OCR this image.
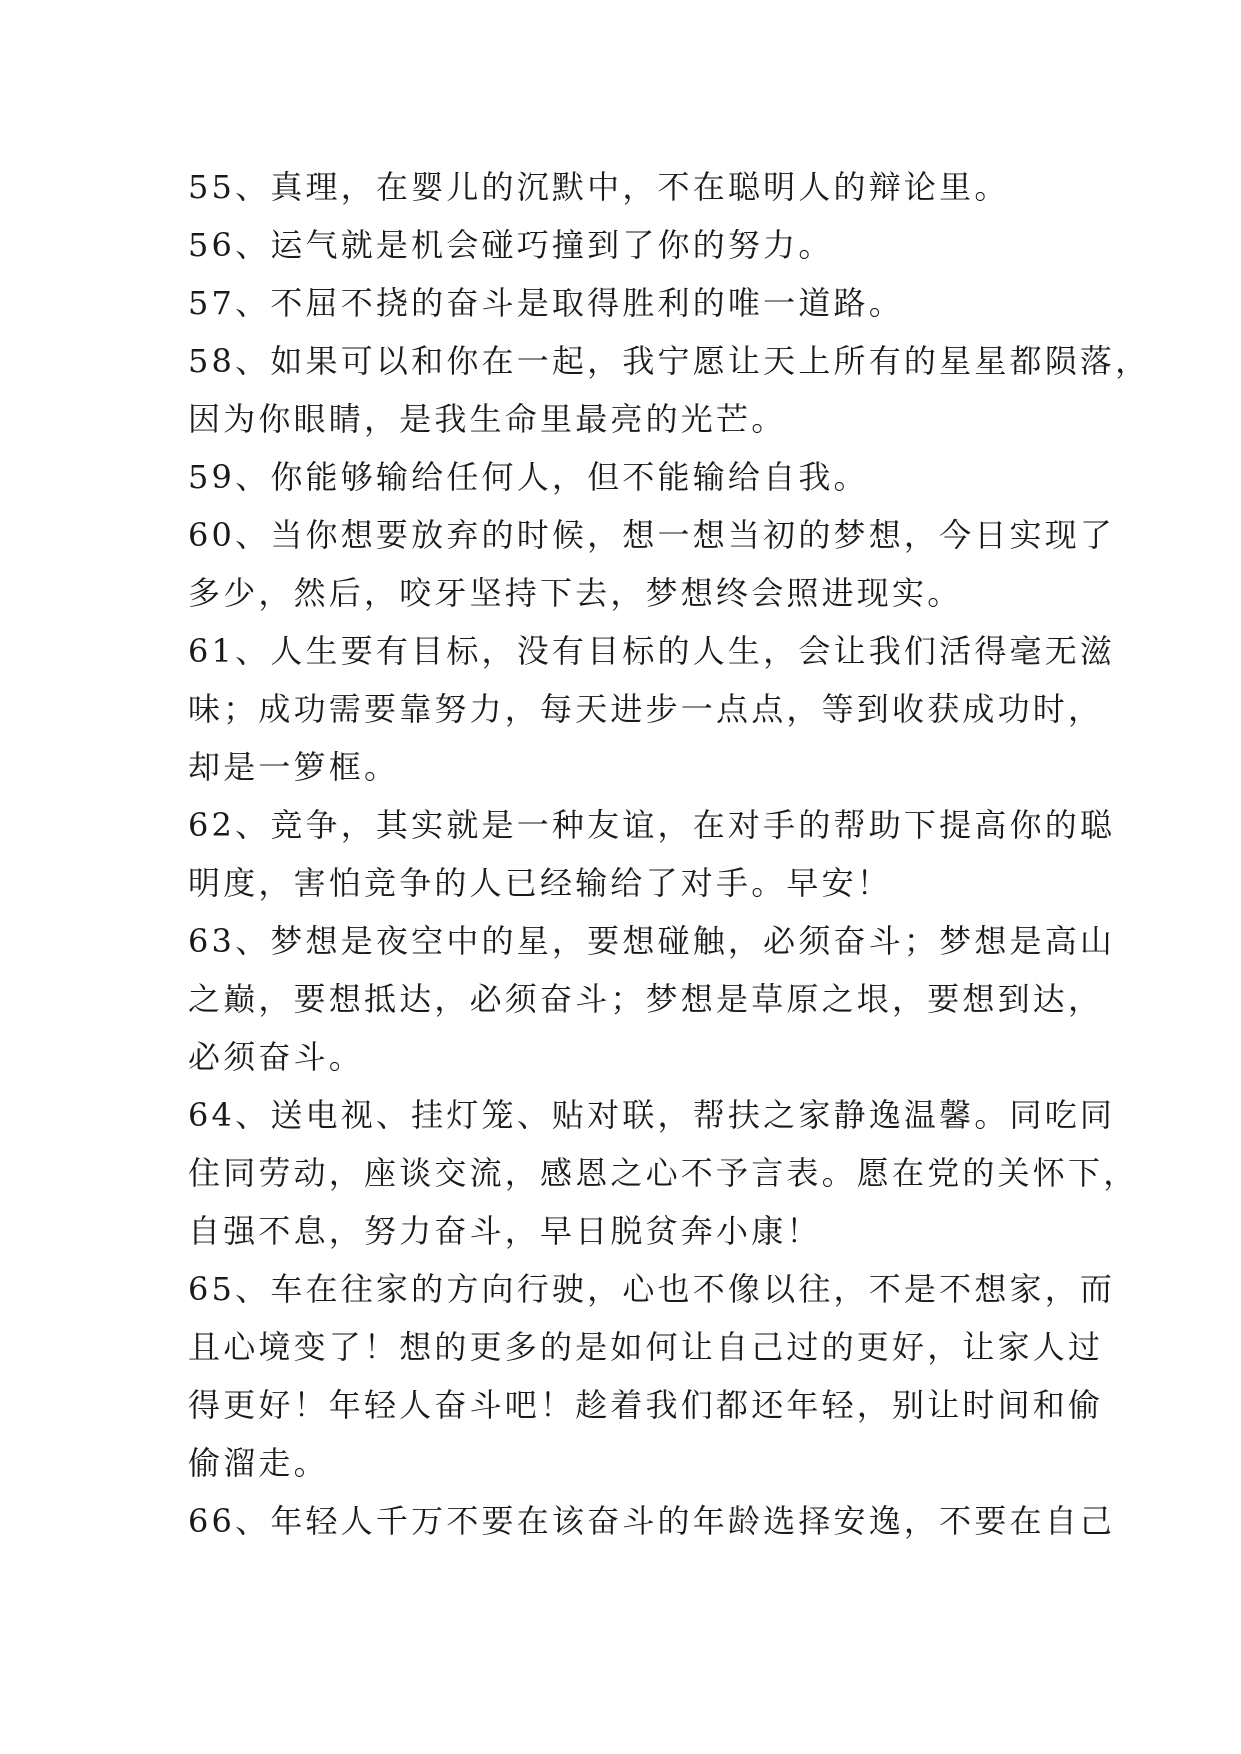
55、真理，在婴儿的沉默中，不在聪明人的辩论里。
56、运气就是机会碰巧撞到了你的努力。
57、不屈不挠的奋斗是取得胜利的唯一道路。
58、如果可以和你在一起，我宁愿让天上所有的星星都陨落，
因为你眼睛，是我生命里最亮的光芒。
59、你能够输给任何人，但不能输给自我。
60、当你想要放弃的时候，想一想当初的梦想，今日实现了
多少，然后，咬牙坚持下去，梦想终会照进现实。
61、人生要有目标，没有目标的人生，会让我们活得毫无滋
味；成功需要靠努力，每天进步一点点，等到收获成功时，
却是一箩框。
62、竞争，其实就是一种友谊，在对手的帮助下提高你的聪
明度，害怕竞争的人已经输给了对手。早安！
63、梦想是夜空中的星，要想碰触，必须奋斗；梦想是高山
之巅，要想抵达，必须奋斗；梦想是草原之垠，要想到达，
必须奋斗。
64、送电视、挂灯笼、贴对联，帮扶之家静逸温馨。同吃同
住同劳动，座谈交流，感恩之心不予言表。愿在党的关怀下，
自强不息，努力奋斗，早日脱贫奔小康！
65、车在往家的方向行驶，心也不像以往，不是不想家，而
且心境变了！想的更多的是如何让自己过的更好，让家人过
得更好！年轻人奋斗吧！趁着我们都还年轻，别让时间和偷
偷溜走。
66、年轻人千万不要在该奋斗的年龄选择安逸，不要在自己
